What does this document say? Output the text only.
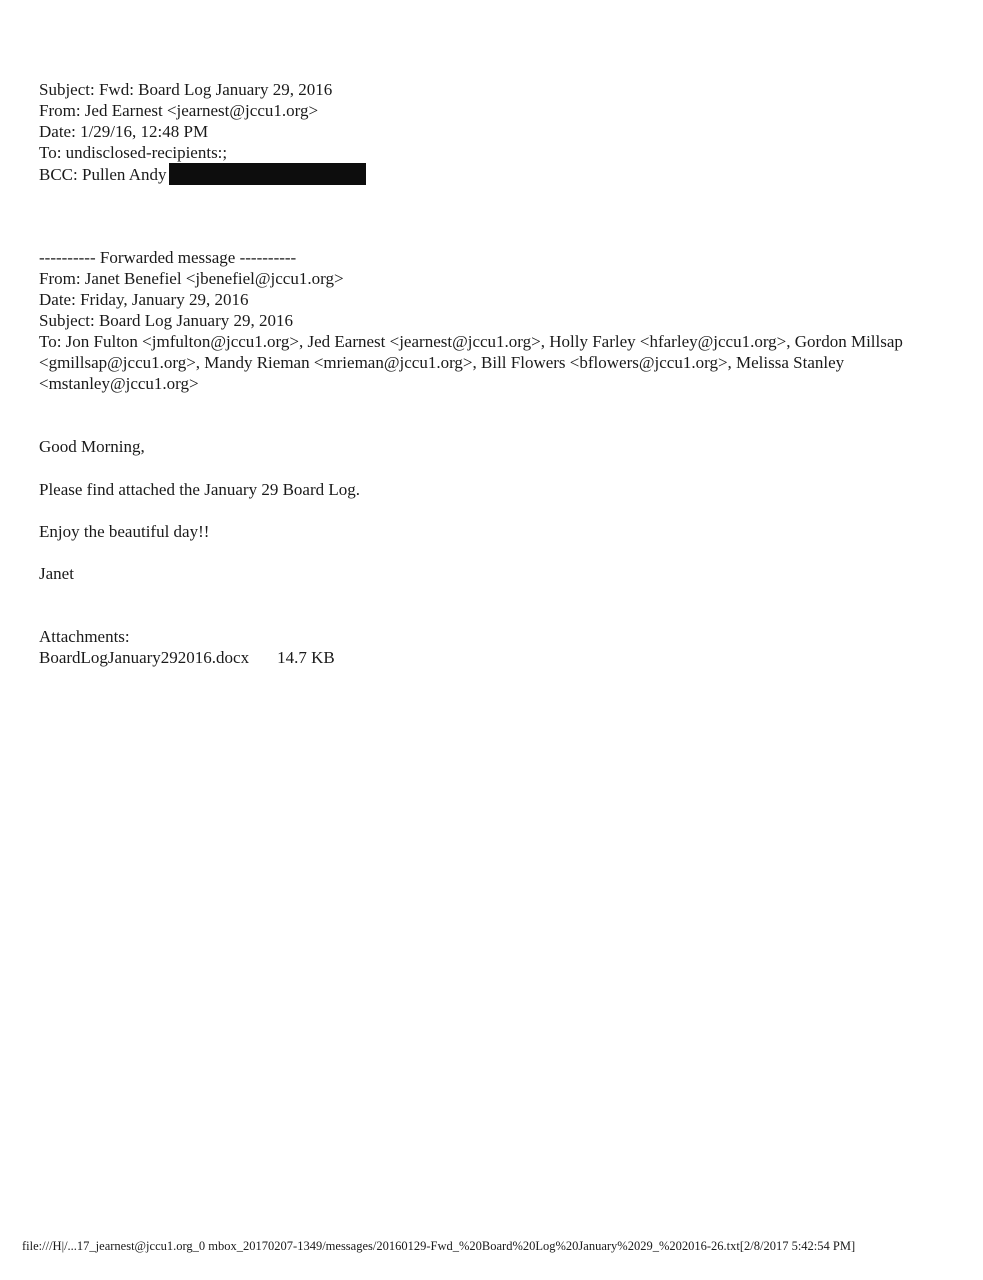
Subject: Fwd: Board Log January 29, 2016
From: Jed Earnest <jearnest@jccu1.org>
Date: 1/29/16, 12:48 PM
To: undisclosed-recipients:;
BCC: Pullen Andy
---------- Forwarded message ----------
From: Janet Benefiel <jbenefiel@jccu1.org>
Date: Friday, January 29, 2016
Subject: Board Log January 29, 2016
To: Jon Fulton <jmfulton@jccu1.org>, Jed Earnest <jearnest@jccu1.org>, Holly Farley <hfarley@jccu1.org>, Gordon Millsap <gmillsap@jccu1.org>, Mandy Rieman <mrieman@jccu1.org>, Bill Flowers <bflowers@jccu1.org>, Melissa Stanley <mstanley@jccu1.org>
Good Morning,
Please find attached the January 29 Board Log.
Enjoy the beautiful day!!
Janet
Attachments:
BoardLogJanuary292016.docx 14.7 KB
file:///H|/...17_jearnest@jccu1.org_0 mbox_20170207-1349/messages/20160129-Fwd_%20Board%20Log%20January%2029_%202016-26.txt[2/8/2017 5:42:54 PM]
